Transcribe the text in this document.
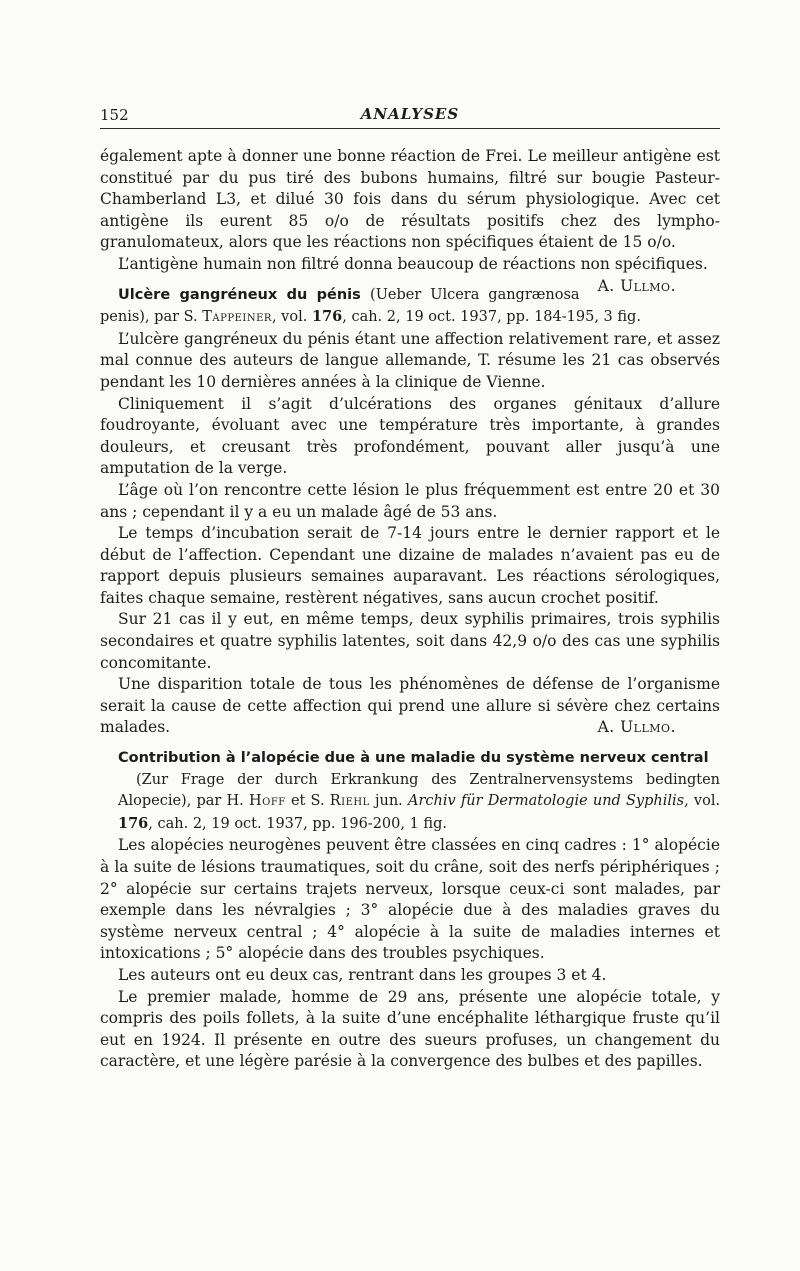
152	ANALYSES

également apte à donner une bonne réaction de Frei. Le meilleur antigène est constitué par du pus tiré des bubons humains, filtré sur bougie Pasteur-Chamberland L3, et dilué 30 fois dans du sérum physiologique. Avec cet antigène ils eurent 85 o/o de résultats positifs chez des lympho-granulomateux, alors que les réactions non spécifiques étaient de 15 o/o.

L’antigène humain non filtré donna beaucoup de réactions non spécifiques.
A. Ullmo.

Ulcère gangréneux du pénis (Ueber Ulcera gangrænosa penis), par S. Tappeiner, vol. 176, cah. 2, 19 oct. 1937, pp. 184-195, 3 fig.

L’ulcère gangréneux du pénis étant une affection relativement rare, et assez mal connue des auteurs de langue allemande, T. résume les 21 cas observés pendant les 10 dernières années à la clinique de Vienne.

Cliniquement il s’agit d’ulcérations des organes génitaux d’allure foudroyante, évoluant avec une température très importante, à grandes douleurs, et creusant très profondément, pouvant aller jusqu’à une amputation de la verge.

L’âge où l’on rencontre cette lésion le plus fréquemment est entre 20 et 30 ans ; cependant il y a eu un malade âgé de 53 ans.

Le temps d’incubation serait de 7-14 jours entre le dernier rapport et le début de l’affection. Cependant une dizaine de malades n’avaient pas eu de rapport depuis plusieurs semaines auparavant. Les réactions sérologiques, faites chaque semaine, restèrent négatives, sans aucun crochet positif.

Sur 21 cas il y eut, en même temps, deux syphilis primaires, trois syphilis secondaires et quatre syphilis latentes, soit dans 42,9 o/o des cas une syphilis concomitante.

Une disparition totale de tous les phénomènes de défense de l’organisme serait la cause de cette affection qui prend une allure si sévère chez certains malades.	A. Ullmo.

Contribution à l’alopécie due à une maladie du système nerveux central
(Zur Frage der durch Erkrankung des Zentralnervensystems bedingten Alopecie), par H. Hoff et S. Riehl jun. Archiv für Dermatologie und Syphilis, vol. 176, cah. 2, 19 oct. 1937, pp. 196-200, 1 fig.

Les alopécies neurogènes peuvent être classées en cinq cadres : 1° alopécie à la suite de lésions traumatiques, soit du crâne, soit des nerfs périphériques ; 2° alopécie sur certains trajets nerveux, lorsque ceux-ci sont malades, par exemple dans les névralgies ; 3° alopécie due à des maladies graves du système nerveux central ; 4° alopécie à la suite de maladies internes et intoxications ; 5° alopécie dans des troubles psychiques.

Les auteurs ont eu deux cas, rentrant dans les groupes 3 et 4.

Le premier malade, homme de 29 ans, présente une alopécie totale, y compris des poils follets, à la suite d’une encéphalite léthargique fruste qu’il eut en 1924. Il présente en outre des sueurs profuses, un changement du caractère, et une légère parésie à la convergence des bulbes et des papilles.
